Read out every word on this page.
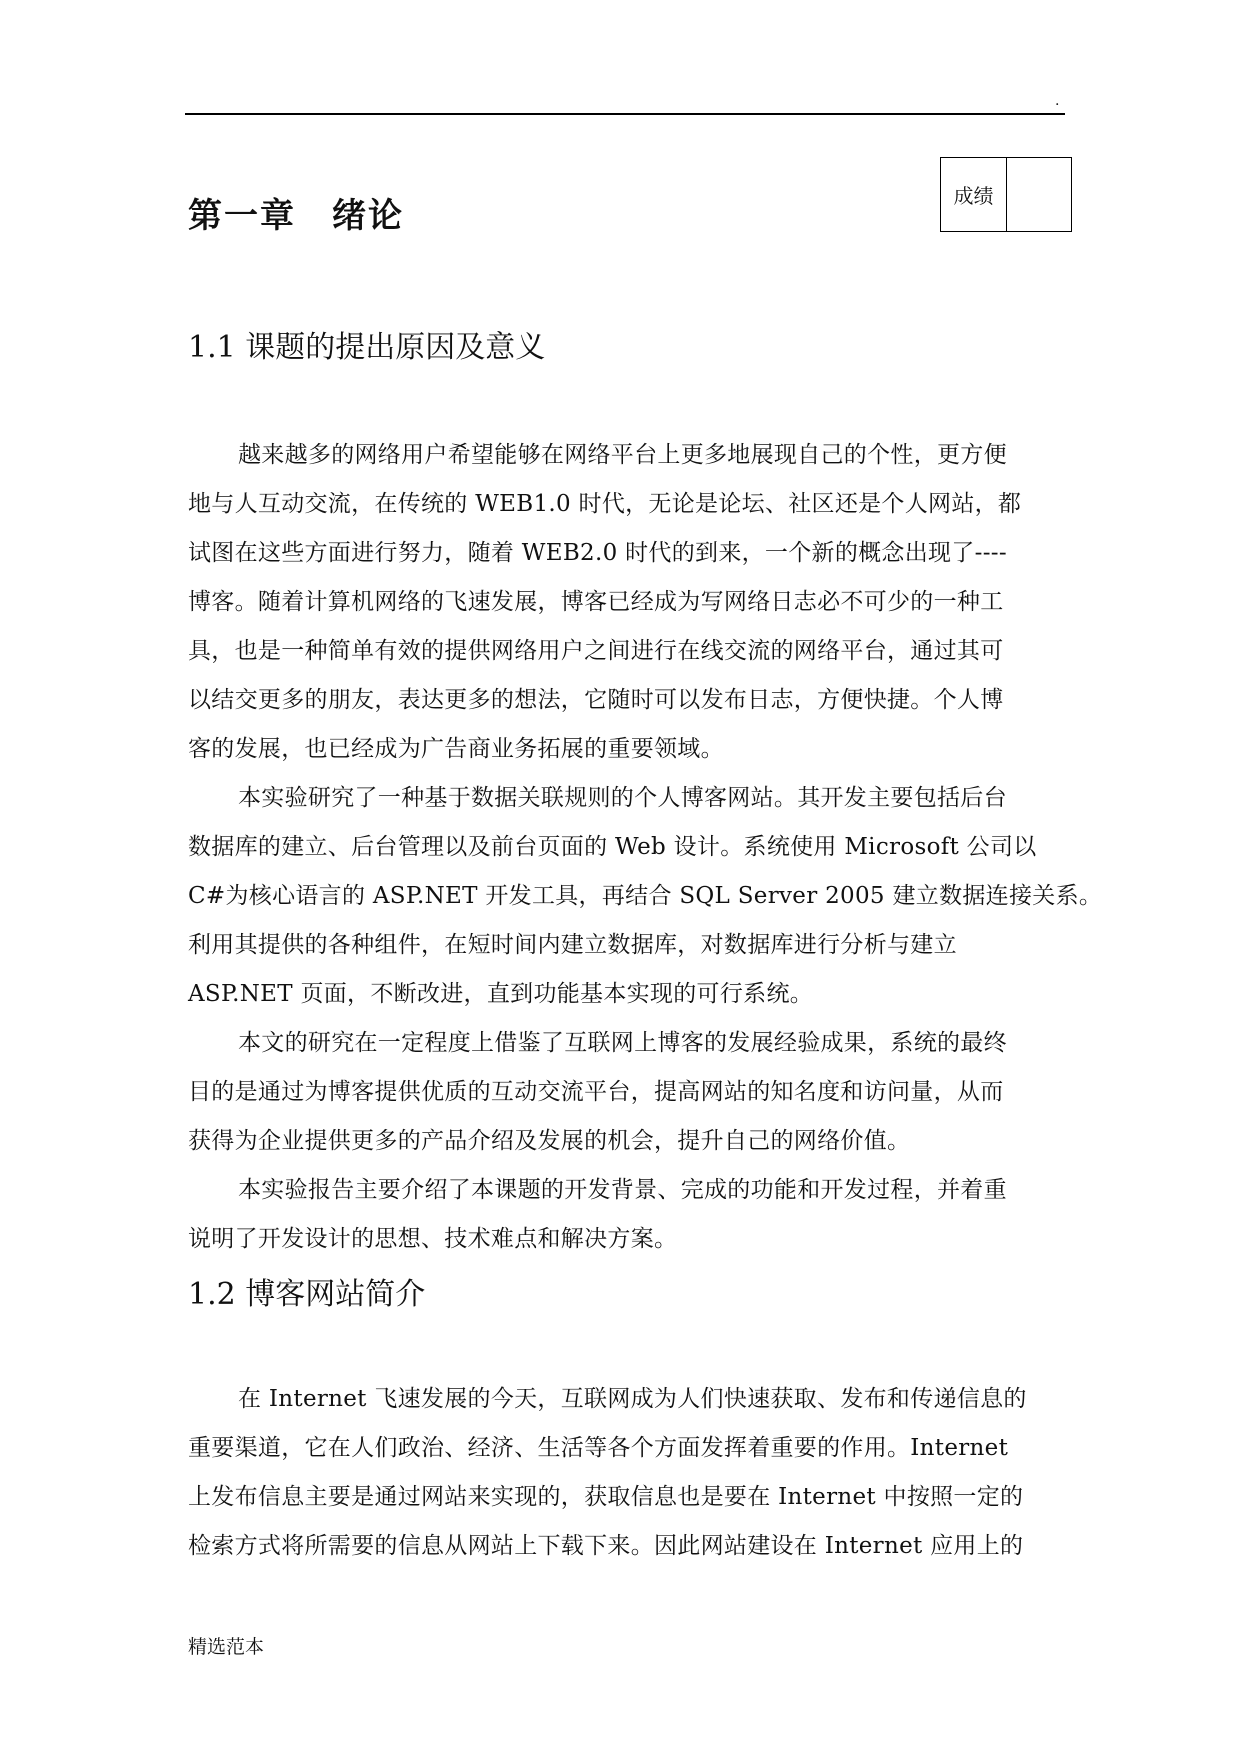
.
成绩
第一章　绪论
1.1 课题的提出原因及意义

越来越多的网络用户希望能够在网络平台上更多地展现自己的个性，更方便
地与人互动交流，在传统的 WEB1.0 时代，无论是论坛、社区还是个人网站，都
试图在这些方面进行努力，随着 WEB2.0 时代的到来，一个新的概念出现了----
博客。随着计算机网络的飞速发展，博客已经成为写网络日志必不可少的一种工
具，也是一种简单有效的提供网络用户之间进行在线交流的网络平台，通过其可
以结交更多的朋友，表达更多的想法，它随时可以发布日志，方便快捷。个人博
客的发展，也已经成为广告商业务拓展的重要领域。

本实验研究了一种基于数据关联规则的个人博客网站。其开发主要包括后台
数据库的建立、后台管理以及前台页面的 Web 设计。系统使用 Microsoft 公司以
C#为核心语言的 ASP.NET 开发工具，再结合 SQL Server 2005 建立数据连接关系。
利用其提供的各种组件，在短时间内建立数据库，对数据库进行分析与建立
ASP.NET 页面，不断改进，直到功能基本实现的可行系统。

本文的研究在一定程度上借鉴了互联网上博客的发展经验成果，系统的最终
目的是通过为博客提供优质的互动交流平台，提高网站的知名度和访问量，从而
获得为企业提供更多的产品介绍及发展的机会，提升自己的网络价值。

本实验报告主要介绍了本课题的开发背景、完成的功能和开发过程，并着重
说明了开发设计的思想、技术难点和解决方案。

1.2 博客网站简介

在 Internet 飞速发展的今天，互联网成为人们快速获取、发布和传递信息的
重要渠道，它在人们政治、经济、生活等各个方面发挥着重要的作用。Internet
上发布信息主要是通过网站来实现的，获取信息也是要在 Internet 中按照一定的
检索方式将所需要的信息从网站上下载下来。因此网站建设在 Internet 应用上的

精选范本
